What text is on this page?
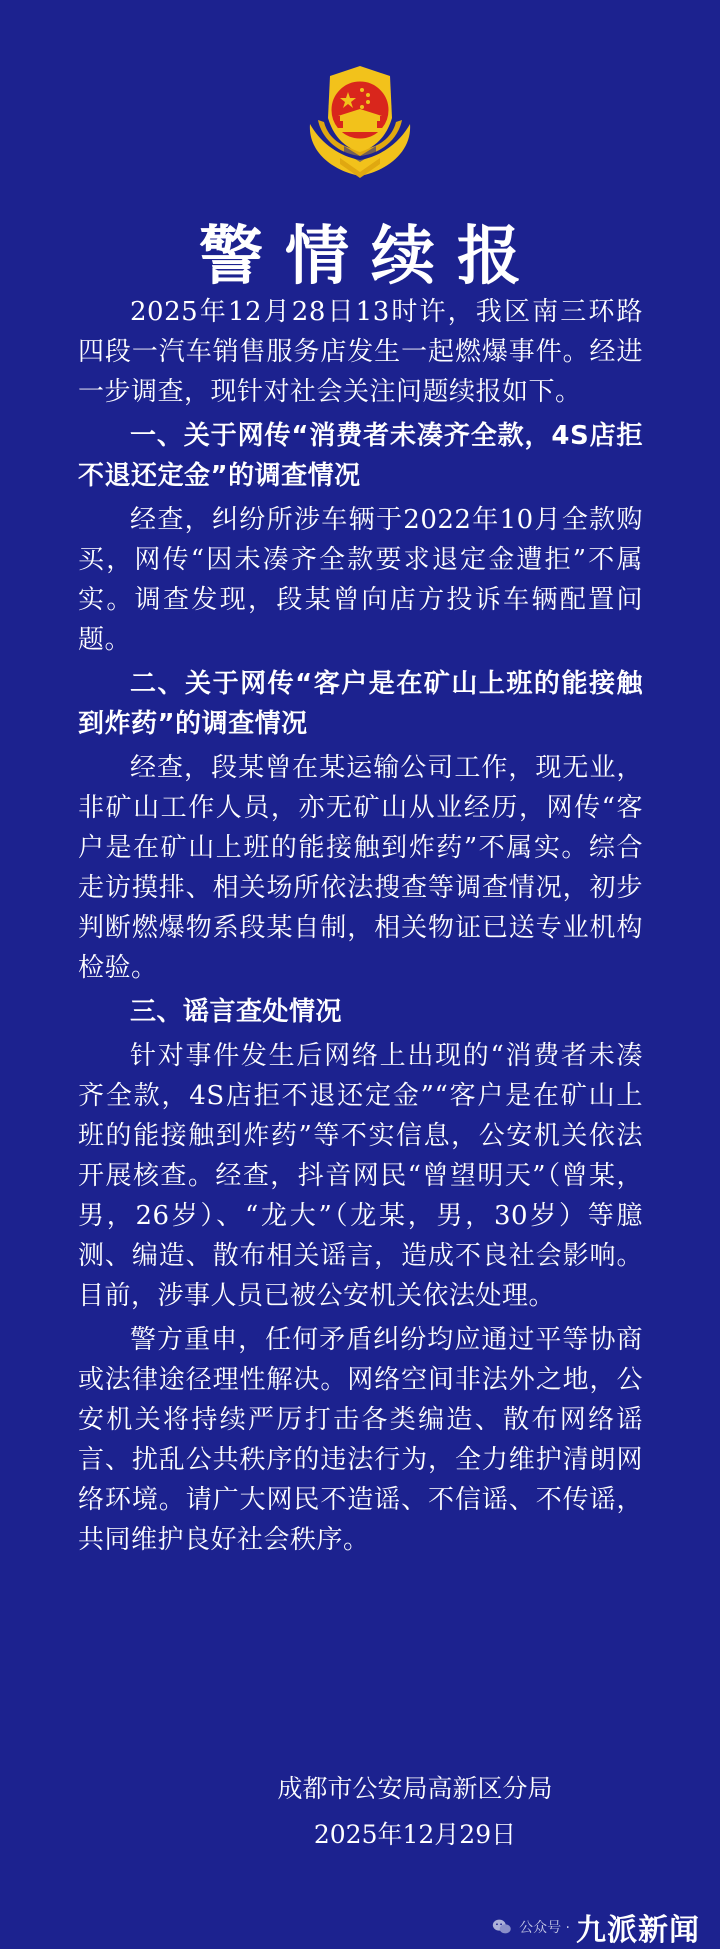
警情续报

2025年12月28日13时许，我区南三环路四段一汽车销售服务店发生一起燃爆事件。经进一步调查，现针对社会关注问题续报如下。

一、关于网传“消费者未凑齐全款，4S店拒不退还定金”的调查情况

经查，纠纷所涉车辆于2022年10月全款购买，网传“因未凑齐全款要求退定金遭拒”不属实。调查发现，段某曾向店方投诉车辆配置问题。

二、关于网传“客户是在矿山上班的能接触到炸药”的调查情况

经查，段某曾在某运输公司工作，现无业，非矿山工作人员，亦无矿山从业经历，网传“客户是在矿山上班的能接触到炸药”不属实。综合走访摸排、相关场所依法搜查等调查情况，初步判断燃爆物系段某自制，相关物证已送专业机构检验。

三、谣言查处情况

针对事件发生后网络上出现的“消费者未凑齐全款，4S店拒不退还定金”“客户是在矿山上班的能接触到炸药”等不实信息，公安机关依法开展核查。经查，抖音网民“曾望明天”（曾某，男，26岁）、“龙大”（龙某，男，30岁）等臆测、编造、散布相关谣言，造成不良社会影响。目前，涉事人员已被公安机关依法处理。

警方重申，任何矛盾纠纷均应通过平等协商或法律途径理性解决。网络空间非法外之地，公安机关将持续严厉打击各类编造、散布网络谣言、扰乱公共秩序的违法行为，全力维护清朗网络环境。请广大网民不造谣、不信谣、不传谣，共同维护良好社会秩序。

成都市公安局高新区分局
2025年12月29日
公众号 · 九派新闻
